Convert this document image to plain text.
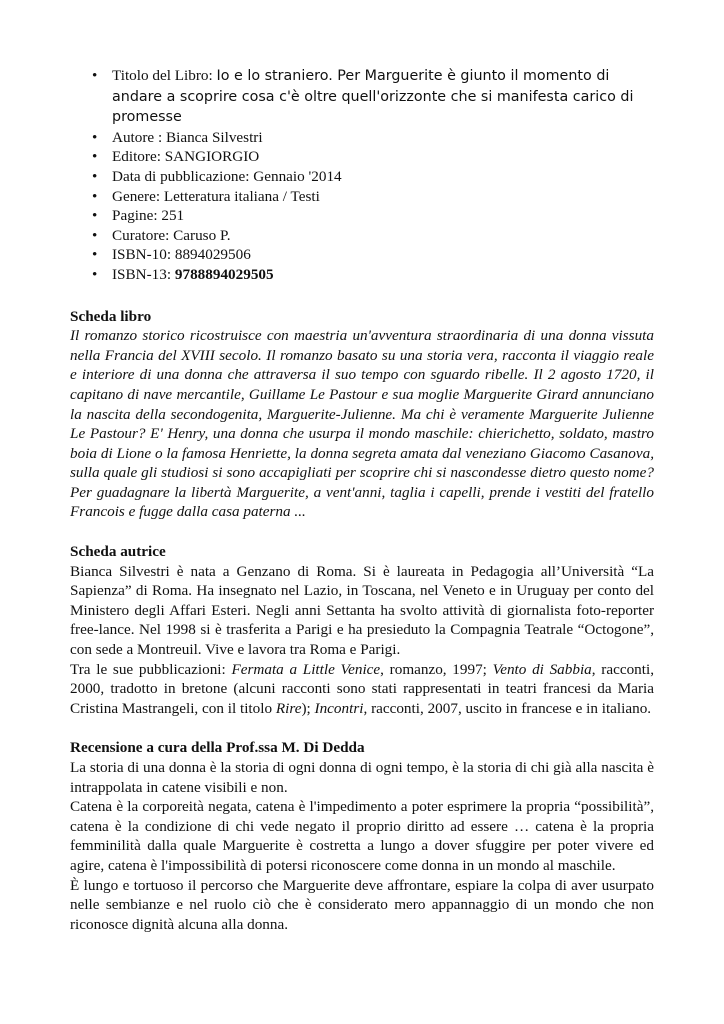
• Titolo del Libro: Io e lo straniero. Per Marguerite è giunto il momento di andare a scoprire cosa c'è oltre quell'orizzonte che si manifesta carico di promesse
• Autore : Bianca Silvestri
• Editore: SANGIORGIO
• Data di pubblicazione: Gennaio '2014
• Genere: Letteratura italiana / Testi
• Pagine: 251
• Curatore: Caruso P.
• ISBN-10: 8894029506
• ISBN-13: 9788894029505
Scheda libro

Il romanzo storico ricostruisce con maestria un'avventura straordinaria di una donna vissuta nella Francia del XVIII secolo. Il romanzo basato su una storia vera, racconta il viaggio reale e interiore di una donna che attraversa il suo tempo con sguardo ribelle. Il 2 agosto 1720, il capitano di nave mercantile, Guillame Le Pastour e sua moglie Marguerite Girard annunciano la nascita della secondogenita, Marguerite-Julienne. Ma chi è veramente Marguerite Julienne Le Pastour? E' Henry, una donna che usurpa il mondo maschile: chierichetto, soldato, mastro boia di Lione o la famosa Henriette, la donna segreta amata dal veneziano Giacomo Casanova, sulla quale gli studiosi si sono accapigliati per scoprire chi si nascondesse dietro questo nome? Per guadagnare la libertà Marguerite, a vent'anni, taglia i capelli, prende i vestiti del fratello Francois e fugge dalla casa paterna ...

Scheda autrice

Bianca Silvestri è nata a Genzano di Roma. Si è laureata in Pedagogia all’Università “La Sapienza” di Roma. Ha insegnato nel Lazio, in Toscana, nel Veneto e in Uruguay per conto del Ministero degli Affari Esteri. Negli anni Settanta ha svolto attività di giornalista foto-reporter free-lance. Nel 1998 si è trasferita a Parigi e ha presieduto la Compagnia Teatrale “Octogone”, con sede a Montreuil. Vive e lavora tra Roma e Parigi.

Tra le sue pubblicazioni: Fermata a Little Venice, romanzo, 1997; Vento di Sabbia, racconti, 2000, tradotto in bretone (alcuni racconti sono stati rappresentati in teatri francesi da Maria Cristina Mastrangeli, con il titolo Rire); Incontri, racconti, 2007, uscito in francese e in italiano.

Recensione a cura della Prof.ssa M. Di Dedda

La storia di una donna è la storia di ogni donna di ogni tempo, è la storia di chi già alla nascita è intrappolata in catene visibili e non.

Catena è la corporeità negata, catena è l'impedimento a poter esprimere la propria “possibilità”, catena è la condizione di chi vede negato il proprio diritto ad essere … catena è la propria femminilità dalla quale Marguerite è costretta a lungo a dover sfuggire per poter vivere ed agire, catena è l'impossibilità di potersi riconoscere come donna in un mondo al maschile.

È lungo e tortuoso il percorso che Marguerite deve affrontare, espiare la colpa di aver usurpato nelle sembianze e nel ruolo ciò che è considerato mero appannaggio di un mondo che non riconosce dignità alcuna alla donna.
